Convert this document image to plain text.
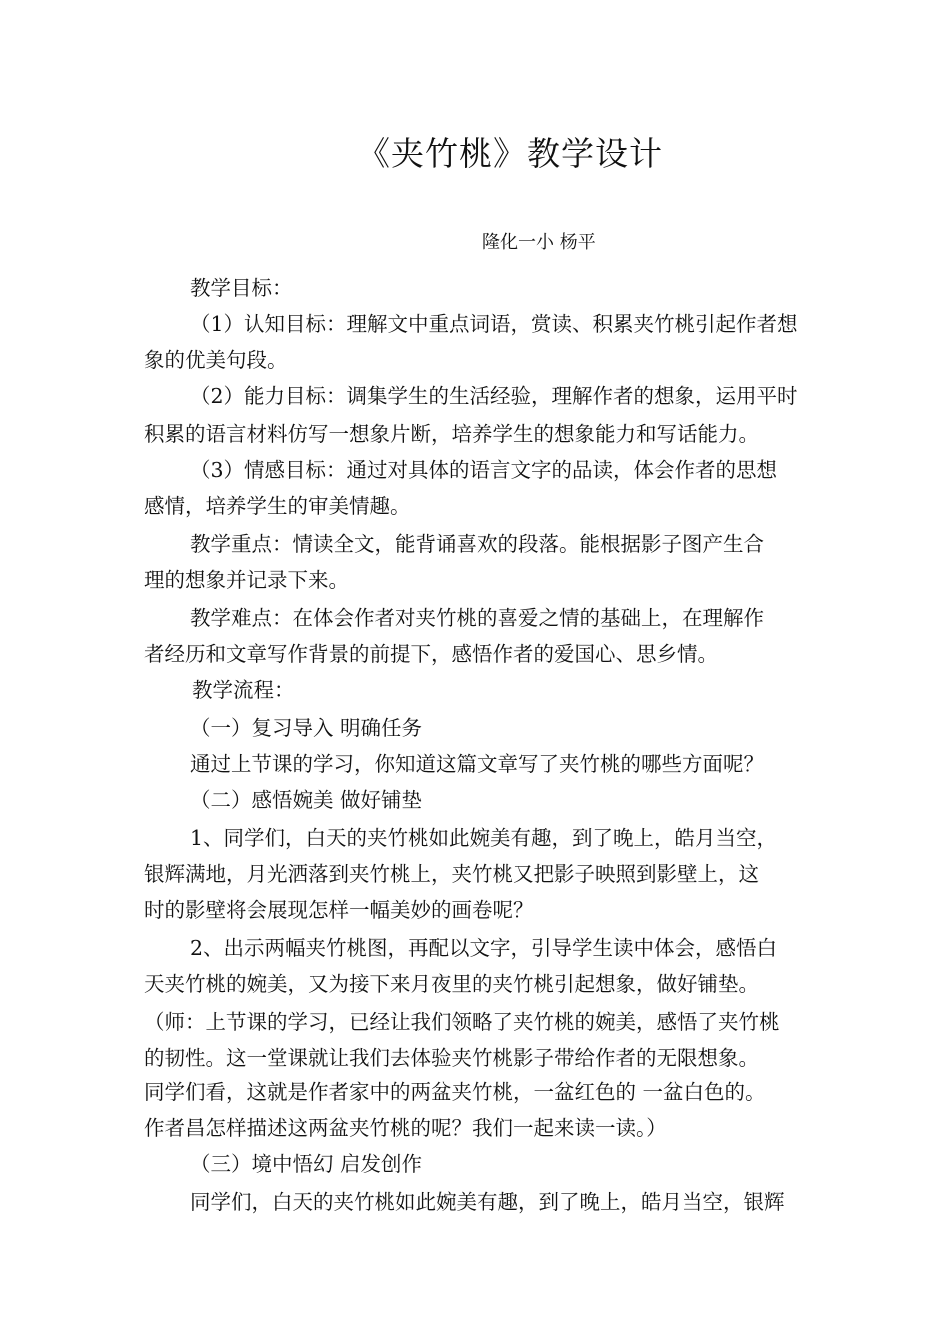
《夹竹桃》教学设计
隆化一小 杨平
教学目标：
（1）认知目标：理解文中重点词语，赏读、积累夹竹桃引起作者想
象的优美句段。
（2）能力目标：调集学生的生活经验，理解作者的想象，运用平时
积累的语言材料仿写一想象片断，培养学生的想象能力和写话能力。
（3）情感目标：通过对具体的语言文字的品读，体会作者的思想
感情，培养学生的审美情趣。
教学重点：情读全文，能背诵喜欢的段落。能根据影子图产生合
理的想象并记录下来。
教学难点：在体会作者对夹竹桃的喜爱之情的基础上，在理解作
者经历和文章写作背景的前提下，感悟作者的爱国心、思乡情。
教学流程：
（一）复习导入 明确任务
通过上节课的学习，你知道这篇文章写了夹竹桃的哪些方面呢？
（二）感悟婉美 做好铺垫
1、同学们，白天的夹竹桃如此婉美有趣，到了晚上，皓月当空，
银辉满地，月光洒落到夹竹桃上，夹竹桃又把影子映照到影壁上，这
时的影壁将会展现怎样一幅美妙的画卷呢？
2、出示两幅夹竹桃图，再配以文字，引导学生读中体会，感悟白
天夹竹桃的婉美，又为接下来月夜里的夹竹桃引起想象，做好铺垫。
（师：上节课的学习，已经让我们领略了夹竹桃的婉美，感悟了夹竹桃
的韧性。这一堂课就让我们去体验夹竹桃影子带给作者的无限想象。
同学们看，这就是作者家中的两盆夹竹桃，一盆红色的 一盆白色的。
作者昌怎样描述这两盆夹竹桃的呢？我们一起来读一读。）
（三）境中悟幻 启发创作
同学们，白天的夹竹桃如此婉美有趣，到了晚上，皓月当空，银辉
